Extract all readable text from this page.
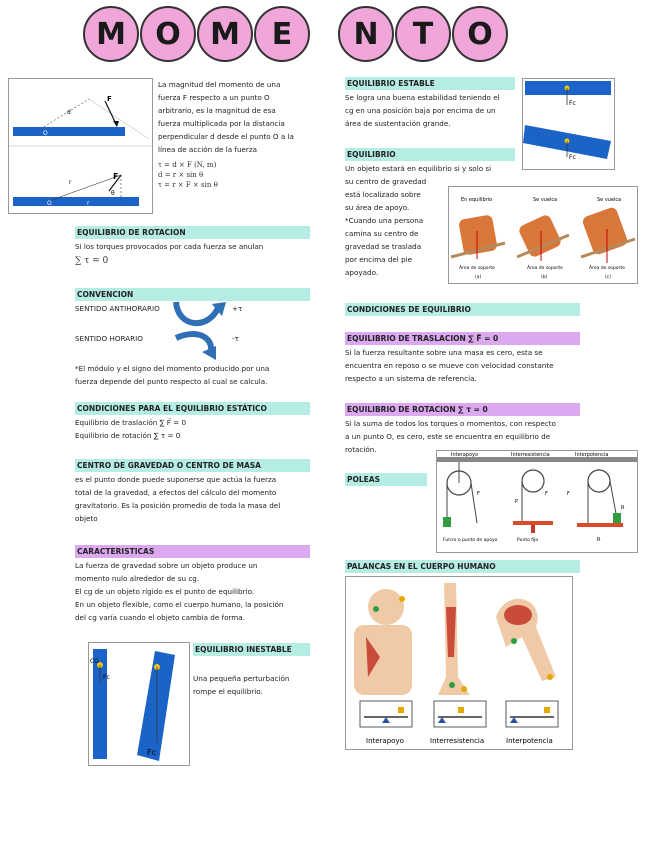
M O M	E	N	T	O
d
F
O
F
r
θ
O	r
La magnitud del momento de una
fuerza F respecto a un punto O
arbitrario, es la magnitud de esa
fuerza multiplicada por la distancia
perpendicular d desde el punto O a la
línea de acción de la fuerza
τ = d × F (N, m)
d = r × sin θ
τ = r × F × sin θ
EQUILIBRIO DE ROTACION
Si los torques provocados por cada fuerza se anulan
∑ τ = 0
CONVENCION
SENTIDO ANTIHORARIO	+τ
SENTIDO HORARIO	-τ
*El módulo y el signo del momento producido por una
fuerza depende del punto respecto al cual se calcula.
CONDICIONES PARA EL EQUILIBRIO ESTÁTICO
Equilibrio de traslación ∑ F⃗ = 0
Equilibrio de rotación ∑ τ = 0
CENTRO DE GRAVEDAD O CENTRO DE MASA
es el punto donde puede suponerse que actúa la fuerza
total de la gravedad, a efectos del cálculo del momento
gravitatorio. Es la posición promedio de toda la masa del
objeto
CARACTERISTICAS
La fuerza de gravedad sobre un objeto produce un
momento nulo alrededor de su cg.
El cg de un objeto rígido es el punto de equilibrio.
En un objeto flexible, como el cuerpo humano, la posición
del cg varía cuando el objeto cambia de forma.
CG
Fc
Fc
EQUILIBRIO INESTABLE
Una pequeña perturbación
rompe el equilibrio.
EQUILIBRIO ESTABLE
Se logra una buena estabilidad teniendo el
cg en una posición baja por encima de un
área de sustentación grande.
Fc
Fc
EQUILIBRIO
Un objeto estará en equilibrio si y solo si
su centro de gravedad
está localizado sobre
su área de apoyo.
*Cuando una persona
camina su centro de
gravedad se traslada
por encima del pie
apoyado.
En equilibrio	Se vuelca	Se vuelca
Área de soporte	Área de soporte	Área de soporte
(a)	(b)	(c)
CONDICIONES DE EQUILIBRIO
EQUILIBRIO DE TRASLACION ∑ F⃗ = 0
Si la fuerza resultante sobre una masa es cero, esta se
encuentra en reposo o se mueve con velocidad constante
respecto a un sistema de referencia.
EQUILIBRIO DE ROTACION ∑ τ = 0
Si la suma de todos los torques o momentos, con respecto
a un punto O, es cero, este se encuentra en equilibrio de
rotación.
POLEAS
Interapoyo	Interresistencia	Interpotencia
F
Fulcro o punto de apoyo
F
P
Punto fijo
F
R
R
PALANCAS EN EL CUERPO HUMANO
Interapoyo	Interresistencia	Interpotencia
